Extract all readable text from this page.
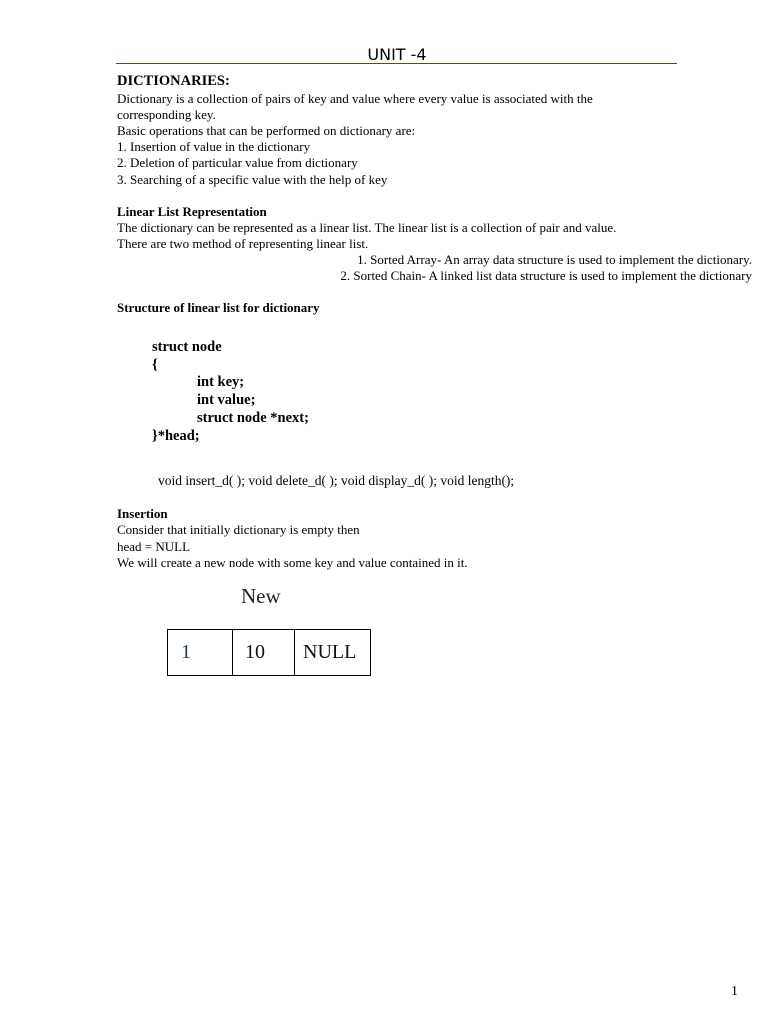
UNIT -4
DICTIONARIES:
Dictionary is a collection of pairs of key and value where every value is associated with the
corresponding key.
Basic operations that can be performed on dictionary are:
1. Insertion of value in the dictionary
2. Deletion of particular value from dictionary
3. Searching of a specific value with the help of key
Linear List Representation
The dictionary can be represented as a linear list. The linear list is a collection of pair and value.
There are two method of representing linear list.
1. Sorted Array- An array data structure is used to implement the dictionary.
2. Sorted Chain- A linked list data structure is used to implement the dictionary
Structure of linear list for dictionary
struct node
{
int key;
int value;
struct node *next;
}*head;
void insert_d( ); void delete_d( ); void display_d( ); void length();
Insertion
Consider that initially dictionary is empty then
head = NULL
We will create a new node with some key and value contained in it.
New
1	10	NULL
1
